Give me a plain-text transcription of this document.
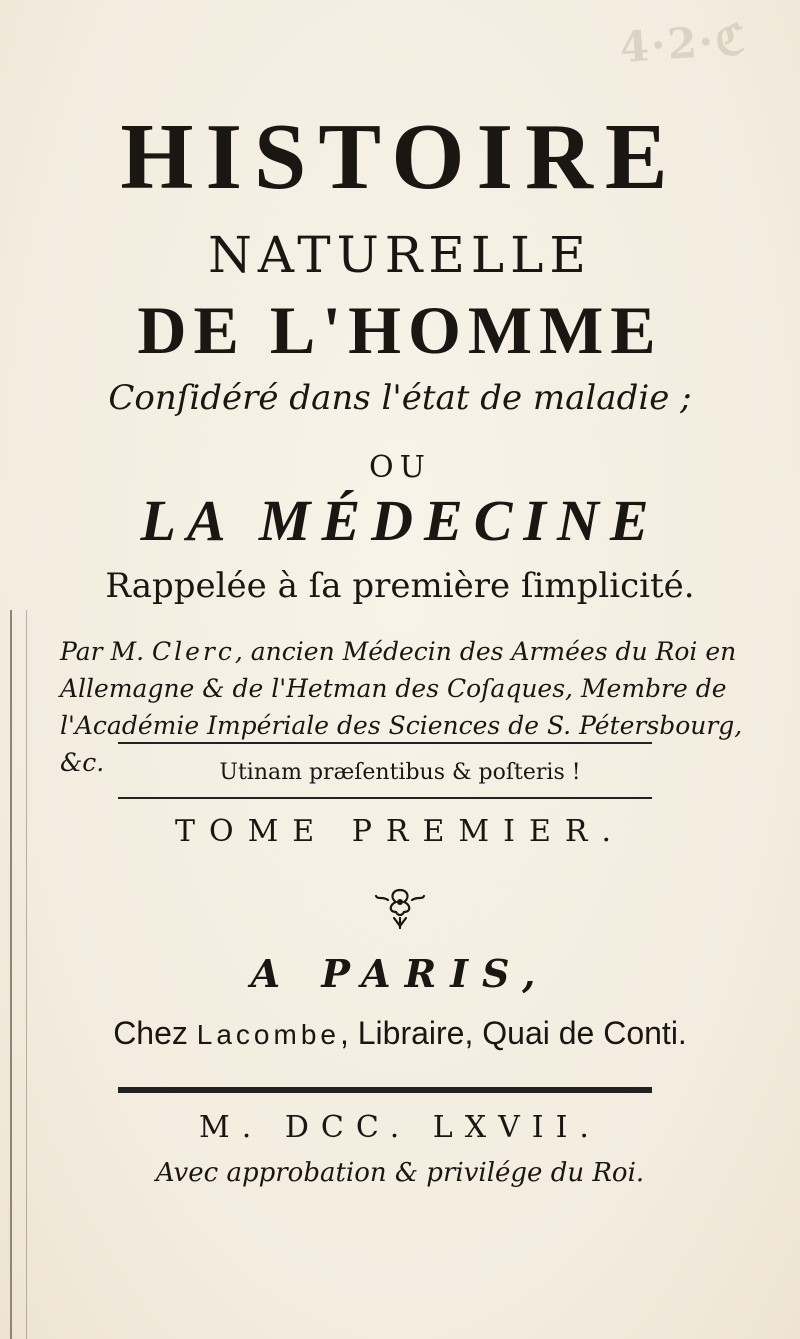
4·2·ℭ
HISTOIRE
NATURELLE
DE L'HOMME
Conſidéré dans l'état de maladie ;
OU
LA MÉDECINE
Rappelée à ſa première ſimplicité.
Par M. Clerc, ancien Médecin des Armées du Roi en Allemagne & de l'Hetman des Coſaques, Membre de l'Académie Impériale des Sciences de S. Pétersbourg, &c.	Utinam præſentibus & poſteris !
TOME PREMIER.
A PARIS,
Chez Lacombe, Libraire, Quai de Conti.
M. DCC. LXVII.
Avec approbation & privilége du Roi.
